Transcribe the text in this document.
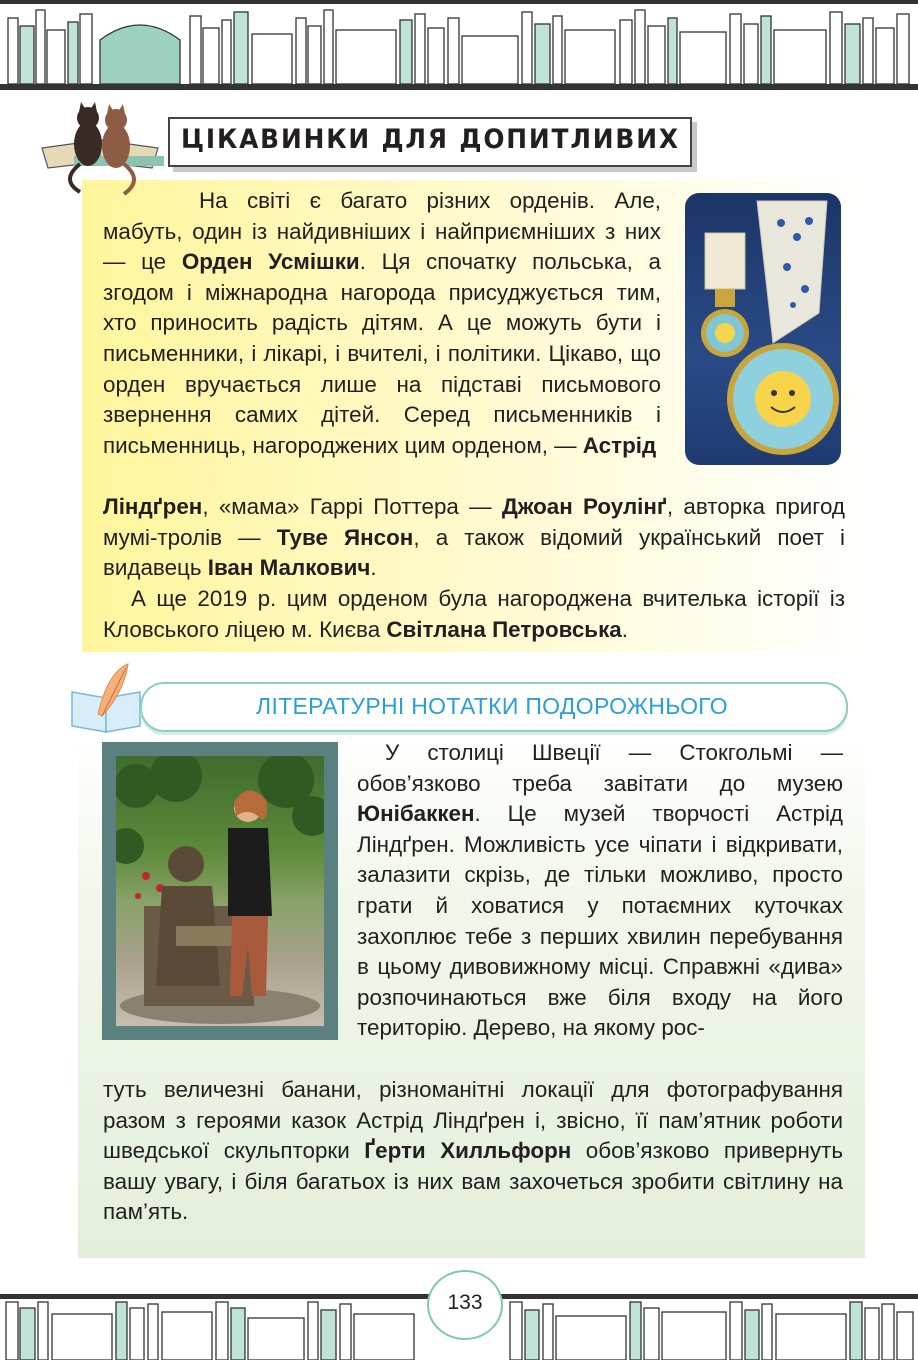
ЦІКАВИНКИ ДЛЯ ДОПИТЛИВИХ
На світі є багато різних орденів. Але, мабуть, один із найдивніших і найприємніших з них — це Орден Усмішки. Ця спочатку польська, а згодом і міжнародна нагорода присуджується тим, хто приносить радість дітям. А це можуть бути і письменники, і лікарі, і вчителі, і політики. Цікаво, що орден вручається лише на підставі письмового звернення самих дітей. Серед письменників і письменниць, нагороджених цим орденом, — Астрід
Ліндґрен, «мама» Гаррі Поттера — Джоан Роулінґ, авторка пригод мумі-тролів — Туве Янсон, а також відомий український поет і видавець Іван Малкович.
А ще 2019 р. цим орденом була нагороджена вчителька історії із Кловського ліцею м. Києва Світлана Петровська.
ЛІТЕРАТУРНІ НОТАТКИ ПОДОРОЖНЬОГО
У столиці Швеції — Стокгольмі — обов’язково треба завітати до музею Юнібаккен. Це музей творчості Астрід Ліндґрен. Можливість усе чіпати і відкривати, залазити скрізь, де тільки можливо, просто грати й ховатися у потаємних куточках захоплює тебе з перших хвилин перебування в цьому дивовижному місці. Справжні «дива» розпочинаються вже біля входу на його територію. Дерево, на якому рос-
туть величезні банани, різноманітні локації для фотографування разом з героями казок Астрід Ліндґрен і, звісно, її пам’ятник роботи шведської скульпторки Ґерти Хилльфорн обов’язково привернуть вашу увагу, і біля багатьох із них вам захочеться зробити світлину на пам’ять.
133
